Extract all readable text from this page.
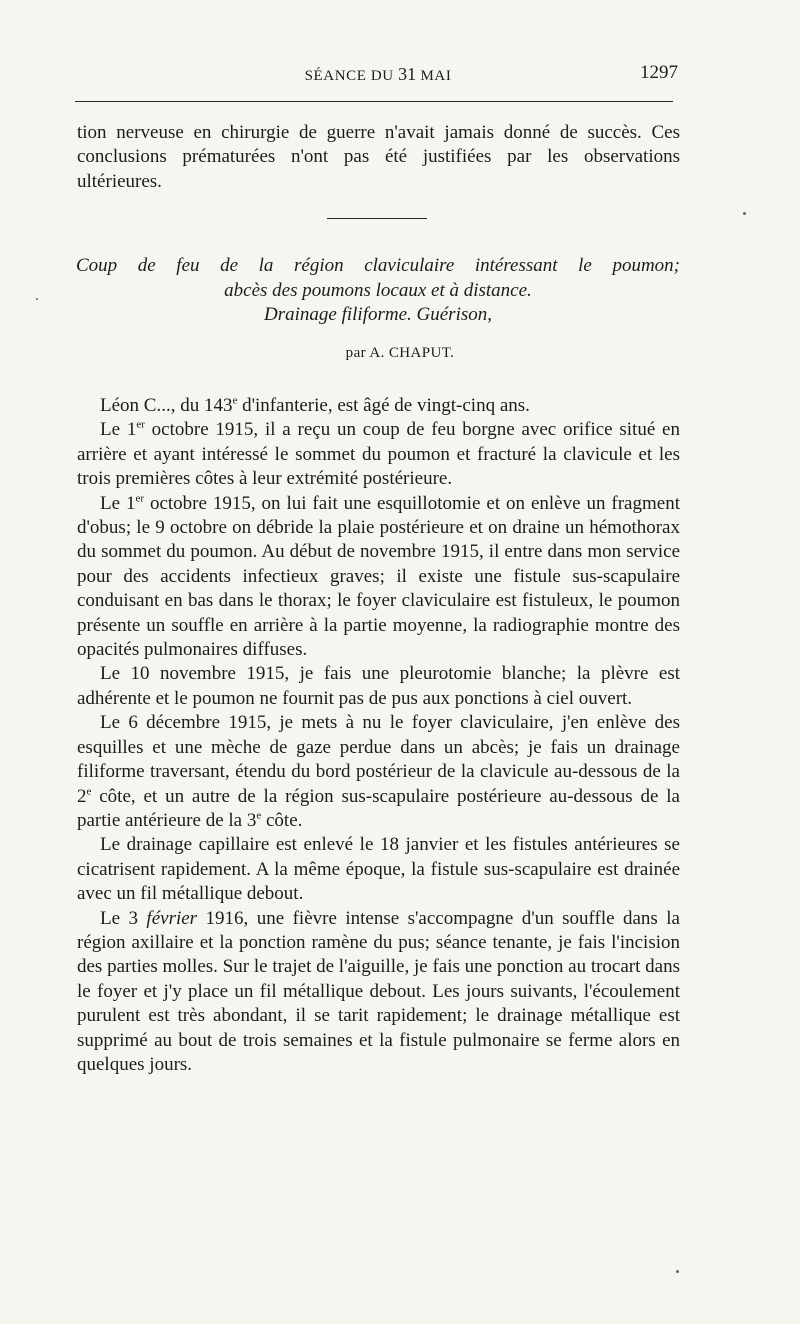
SÉANCE DU 31 MAI	1297

tion nerveuse en chirurgie de guerre n'avait jamais donné de succès. Ces conclusions prématurées n'ont pas été justifiées par les observations ultérieures.

Coup de feu de la région claviculaire intéressant le poumon;
abcès des poumons locaux et à distance.
Drainage filiforme. Guérison,
par A. CHAPUT.

Léon C..., du 143e d'infanterie, est âgé de vingt-cinq ans.

Le 1er octobre 1915, il a reçu un coup de feu borgne avec orifice situé en arrière et ayant intéressé le sommet du poumon et fracturé la clavicule et les trois premières côtes à leur extrémité postérieure.

Le 1er octobre 1915, on lui fait une esquillotomie et on enlève un fragment d'obus; le 9 octobre on débride la plaie postérieure et on draine un hémothorax du sommet du poumon. Au début de novembre 1915, il entre dans mon service pour des accidents infectieux graves; il existe une fistule sus-scapulaire conduisant en bas dans le thorax; le foyer claviculaire est fistuleux, le poumon présente un souffle en arrière à la partie moyenne, la radiographie montre des opacités pulmonaires diffuses.

Le 10 novembre 1915, je fais une pleurotomie blanche; la plèvre est adhérente et le poumon ne fournit pas de pus aux ponctions à ciel ouvert.

Le 6 décembre 1915, je mets à nu le foyer claviculaire, j'en enlève des esquilles et une mèche de gaze perdue dans un abcès; je fais un drainage filiforme traversant, étendu du bord postérieur de la clavicule au-dessous de la 2e côte, et un autre de la région sus-scapulaire postérieure au-dessous de la partie antérieure de la 3e côte.

Le drainage capillaire est enlevé le 18 janvier et les fistules antérieures se cicatrisent rapidement. A la même époque, la fistule sus-scapulaire est drainée avec un fil métallique debout.

Le 3 février 1916, une fièvre intense s'accompagne d'un souffle dans la région axillaire et la ponction ramène du pus; séance tenante, je fais l'incision des parties molles. Sur le trajet de l'aiguille, je fais une ponction au trocart dans le foyer et j'y place un fil métallique debout. Les jours suivants, l'écoulement purulent est très abondant, il se tarit rapidement; le drainage métallique est supprimé au bout de trois semaines et la fistule pulmonaire se ferme alors en quelques jours.
